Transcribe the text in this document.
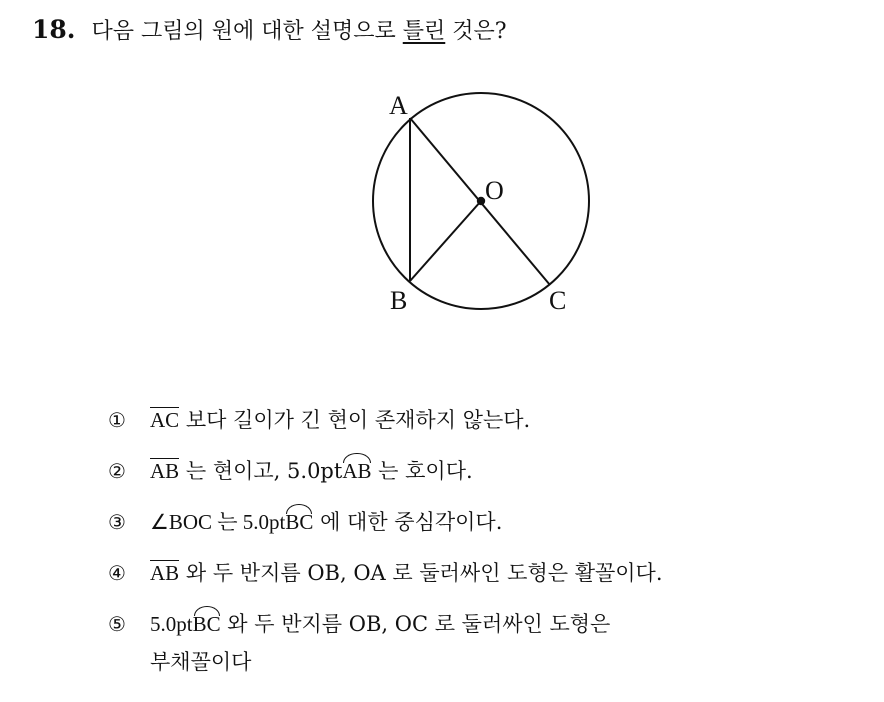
18. 다음 그림의 원에 대한 설명으로 틀린 것은?
A
O
B	C
①	AC 보다 길이가 긴 현이 존재하지 않는다.
②	AB 는 현이고, 5.0ptAB 는 호이다.
③	∠BOC 는 5.0ptBC 에 대한 중심각이다.
④	AB 와 두 반지름 OB, OA 로 둘러싸인 도형은 활꼴이다.
⑤	5.0ptBC 와 두 반지름 OB, OC 로 둘러싸인 도형은
부채꼴이다
